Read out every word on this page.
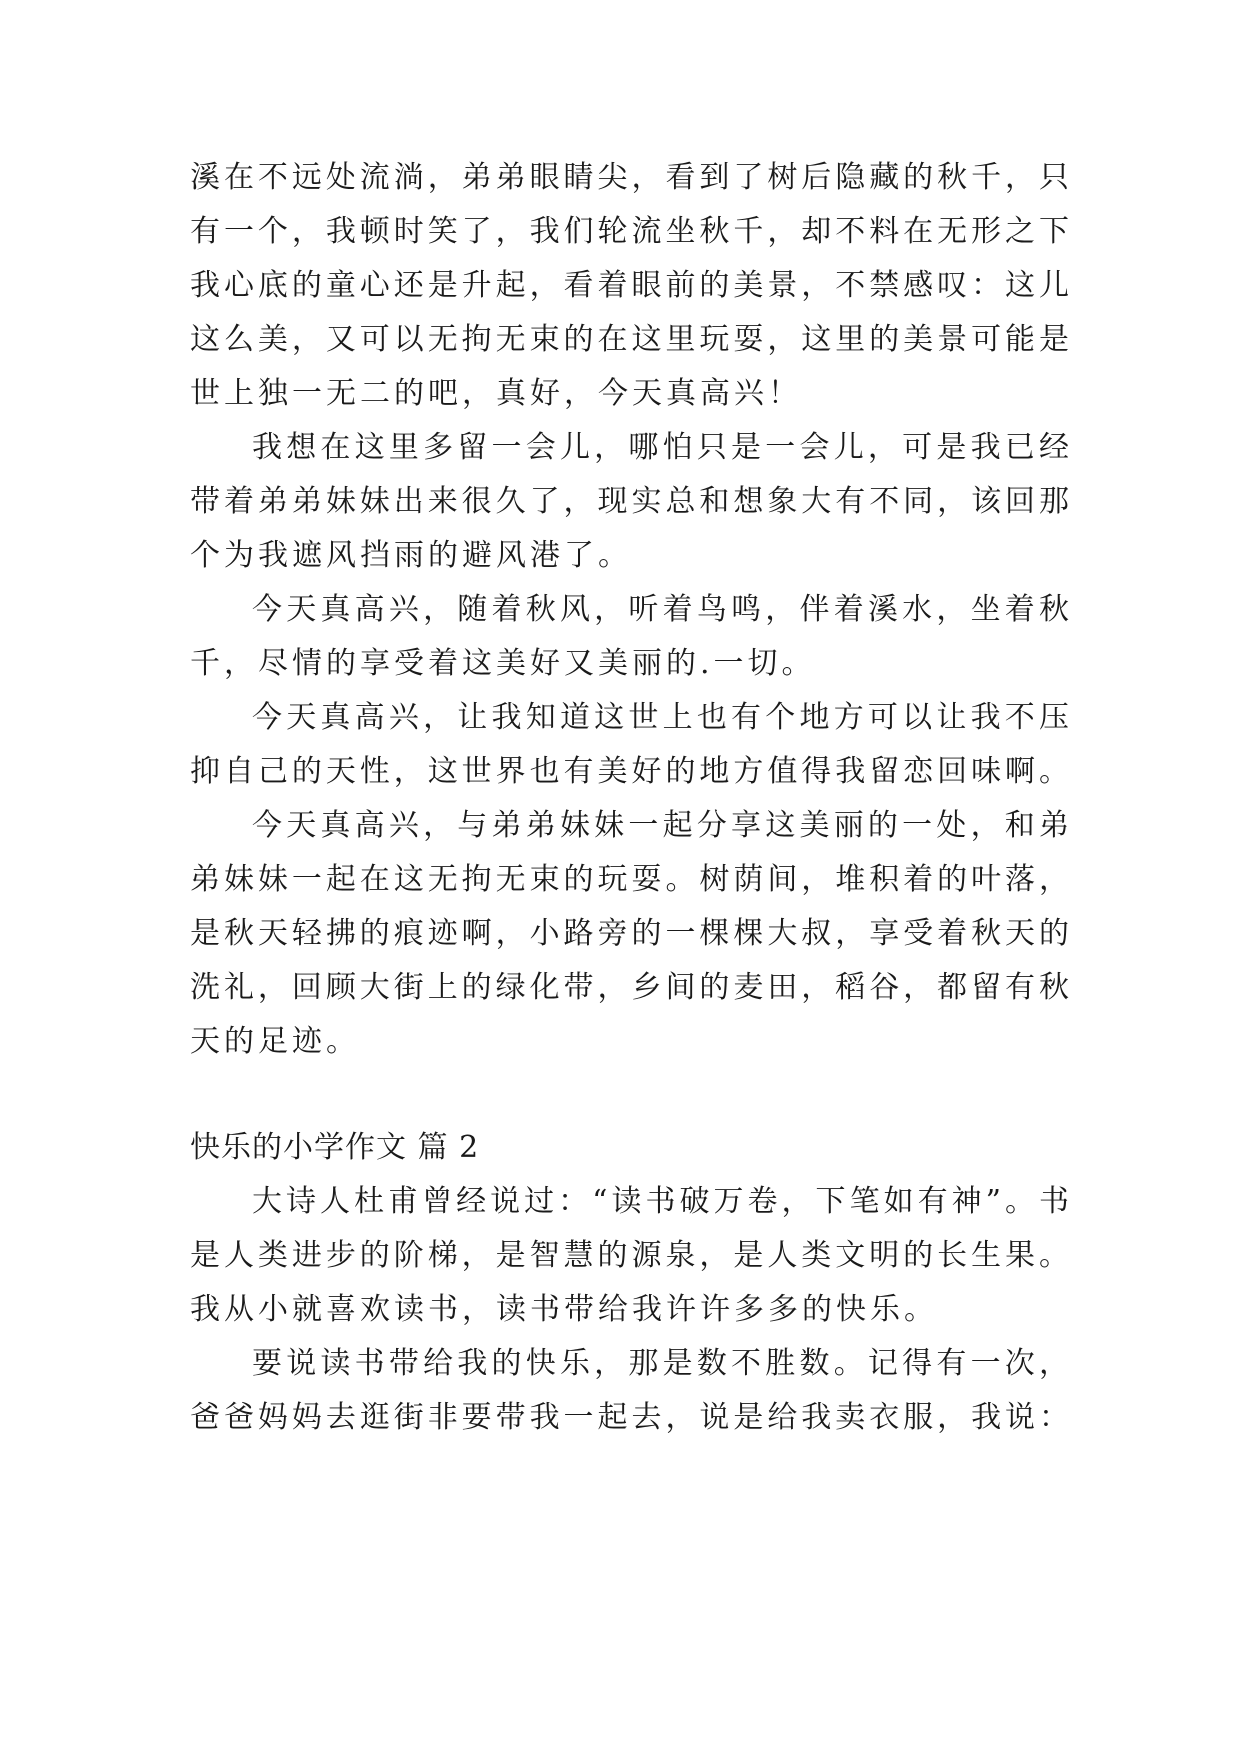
溪在不远处流淌，弟弟眼睛尖，看到了树后隐藏的秋千，只
有一个，我顿时笑了，我们轮流坐秋千，却不料在无形之下
我心底的童心还是升起，看着眼前的美景，不禁感叹：这儿
这么美，又可以无拘无束的在这里玩耍，这里的美景可能是
世上独一无二的吧，真好，今天真高兴！
我想在这里多留一会儿，哪怕只是一会儿，可是我已经
带着弟弟妹妹出来很久了，现实总和想象大有不同，该回那
个为我遮风挡雨的避风港了。
今天真高兴，随着秋风，听着鸟鸣，伴着溪水，坐着秋
千，尽情的享受着这美好又美丽的.一切。
今天真高兴，让我知道这世上也有个地方可以让我不压
抑自己的天性，这世界也有美好的地方值得我留恋回味啊。
今天真高兴，与弟弟妹妹一起分享这美丽的一处，和弟
弟妹妹一起在这无拘无束的玩耍。树荫间，堆积着的叶落，
是秋天轻拂的痕迹啊，小路旁的一棵棵大叔，享受着秋天的
洗礼，回顾大街上的绿化带，乡间的麦田，稻谷，都留有秋
天的足迹。
快乐的小学作文 篇 2
大诗人杜甫曾经说过：“读书破万卷，下笔如有神”。书
是人类进步的阶梯，是智慧的源泉，是人类文明的长生果。
我从小就喜欢读书，读书带给我许许多多的快乐。
要说读书带给我的快乐，那是数不胜数。记得有一次，
爸爸妈妈去逛街非要带我一起去，说是给我卖衣服，我说：
